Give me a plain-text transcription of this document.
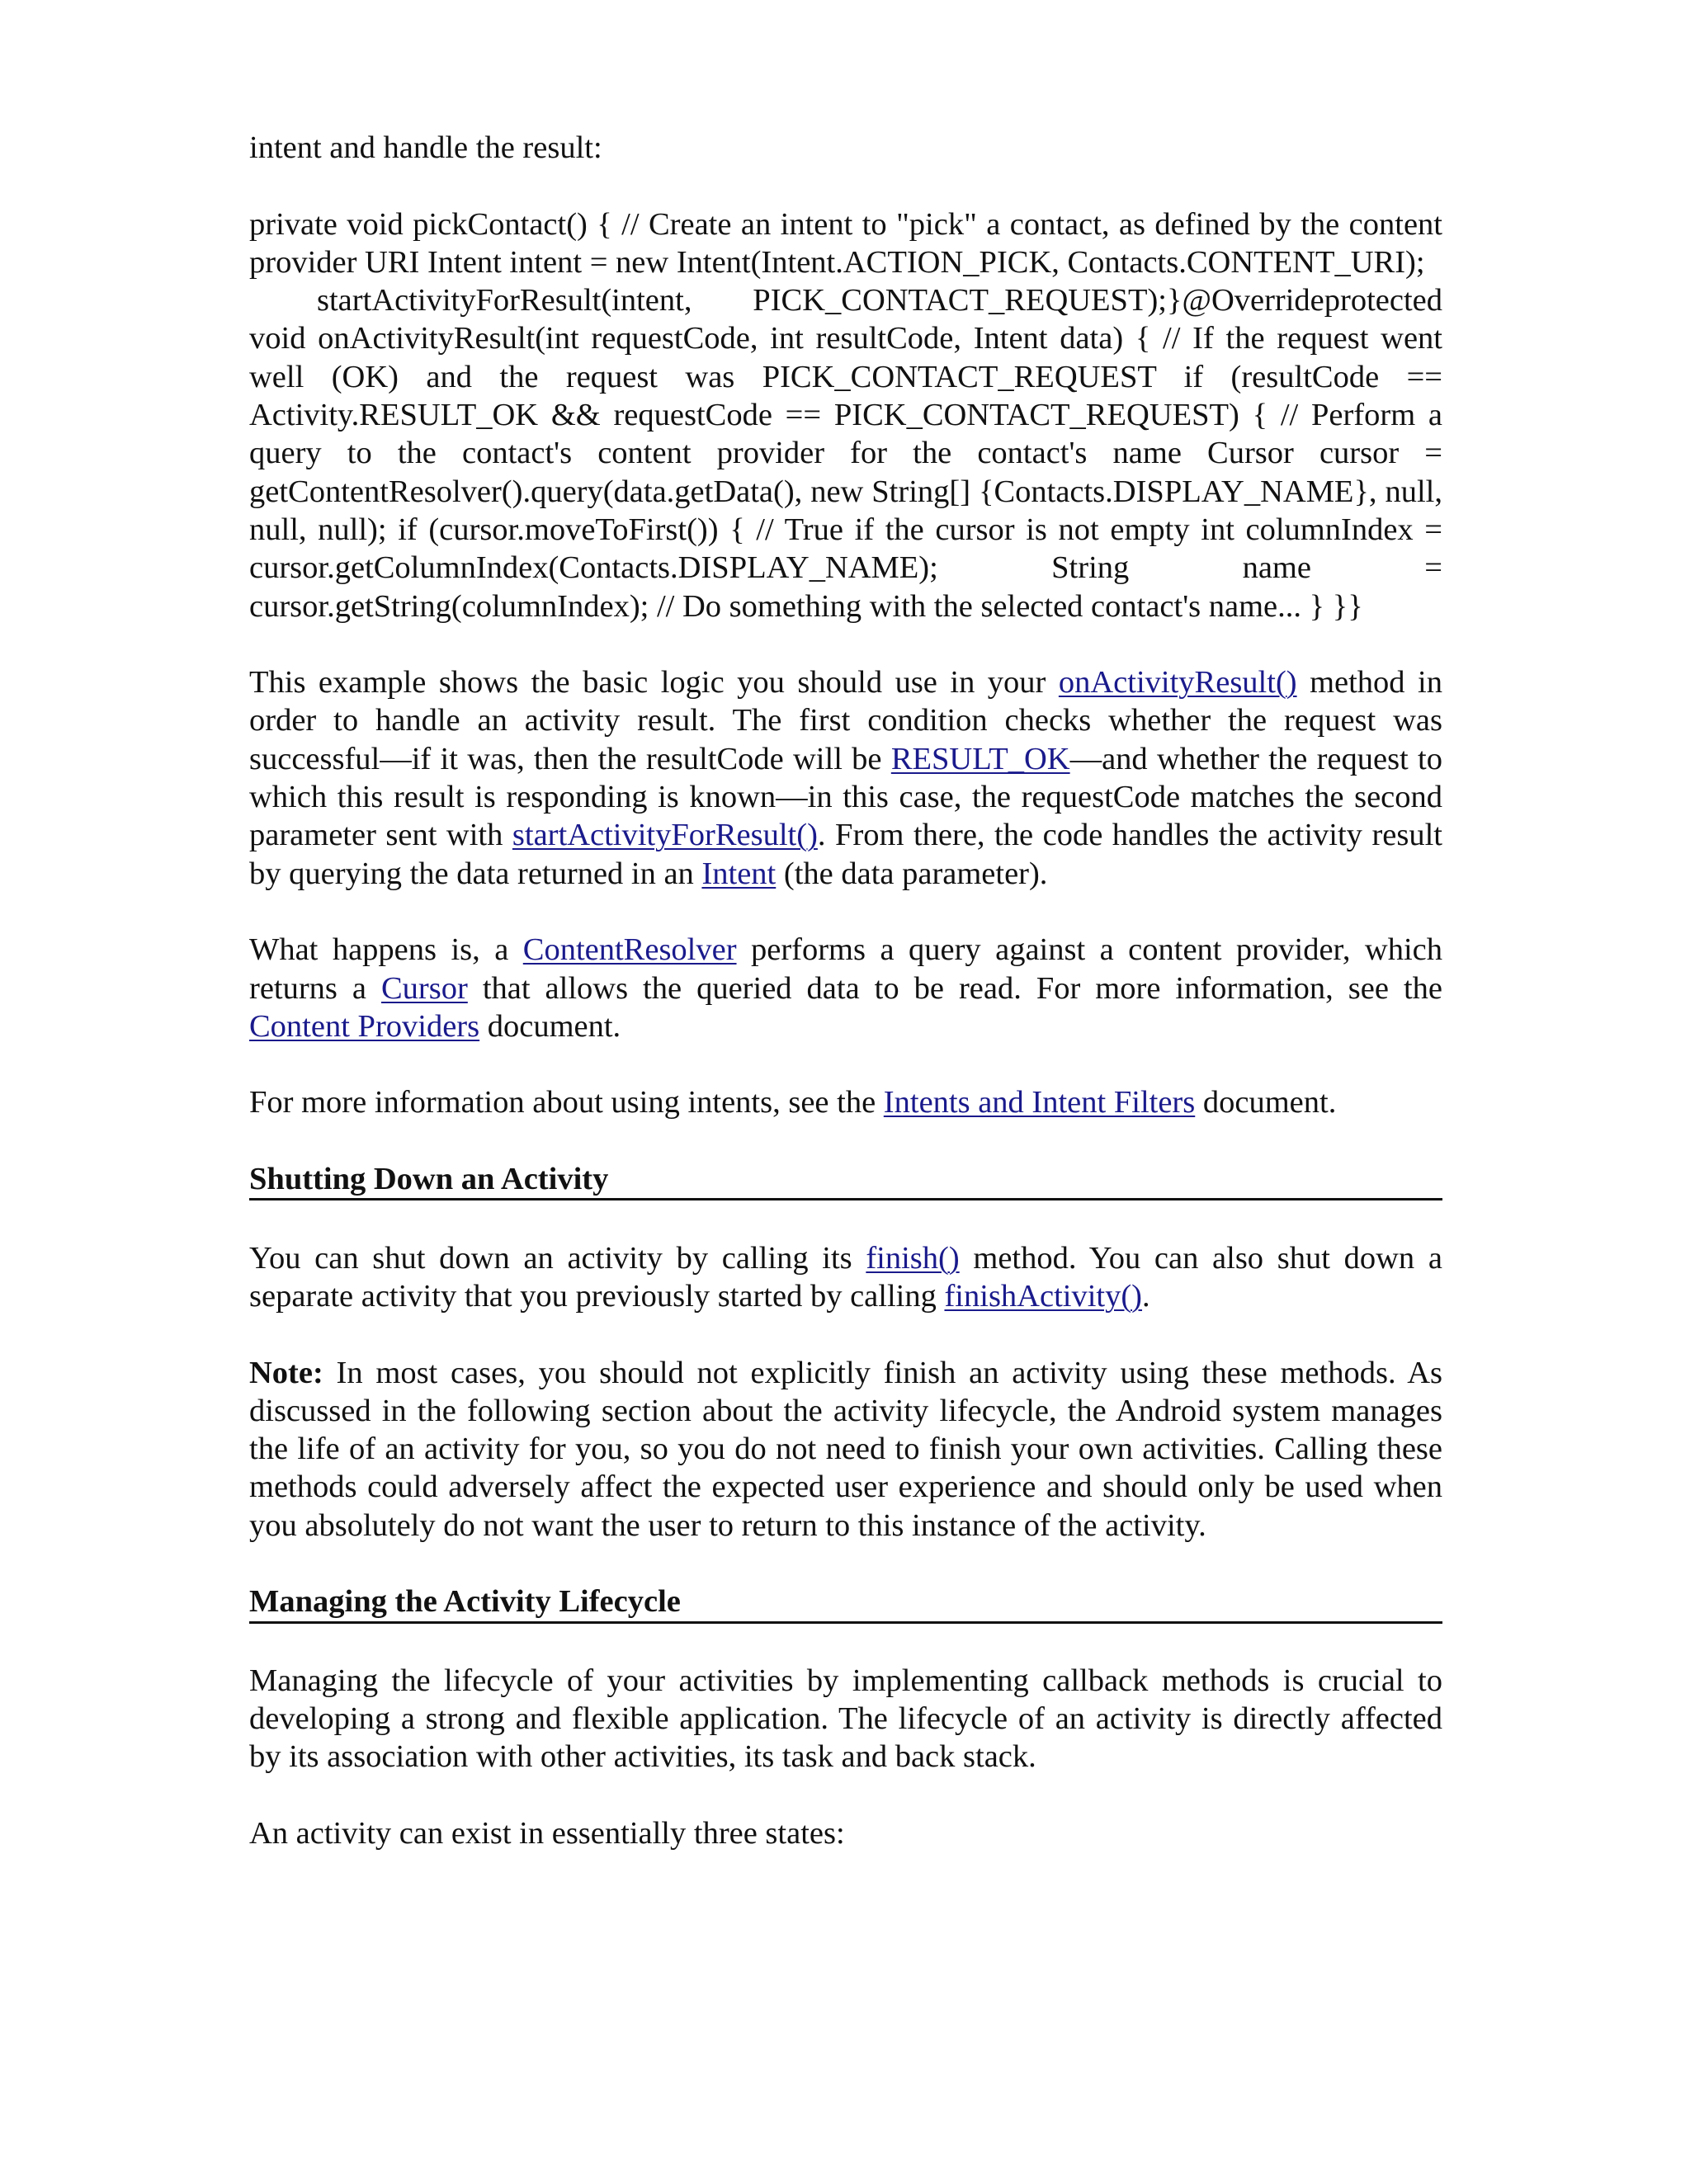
intent and handle the result:

private void pickContact() { // Create an intent to "pick" a contact, as defined by the content provider URI Intent intent = new Intent(Intent.ACTION_PICK, Contacts.CONTENT_URI);
startActivityForResult(intent, PICK_CONTACT_REQUEST);}@Overrideprotected void onActivityResult(int requestCode, int resultCode, Intent data) { // If the request went well (OK) and the request was PICK_CONTACT_REQUEST if (resultCode == Activity.RESULT_OK && requestCode == PICK_CONTACT_REQUEST) { // Perform a query to the contact's content provider for the contact's name Cursor cursor = getContentResolver().query(data.getData(), new String[] {Contacts.DISPLAY_NAME}, null, null, null); if (cursor.moveToFirst()) { // True if the cursor is not empty int columnIndex = cursor.getColumnIndex(Contacts.DISPLAY_NAME); String name = cursor.getString(columnIndex); // Do something with the selected contact's name... } }}

This example shows the basic logic you should use in your onActivityResult() method in order to handle an activity result. The first condition checks whether the request was successful—if it was, then the resultCode will be RESULT_OK—and whether the request to which this result is responding is known—in this case, the requestCode matches the second parameter sent with startActivityForResult(). From there, the code handles the activity result by querying the data returned in an Intent (the data parameter).

What happens is, a ContentResolver performs a query against a content provider, which returns a Cursor that allows the queried data to be read. For more information, see the Content Providers document.

For more information about using intents, see the Intents and Intent Filters document.

Shutting Down an Activity

You can shut down an activity by calling its finish() method. You can also shut down a separate activity that you previously started by calling finishActivity().

Note: In most cases, you should not explicitly finish an activity using these methods. As discussed in the following section about the activity lifecycle, the Android system manages the life of an activity for you, so you do not need to finish your own activities. Calling these methods could adversely affect the expected user experience and should only be used when you absolutely do not want the user to return to this instance of the activity.

Managing the Activity Lifecycle

Managing the lifecycle of your activities by implementing callback methods is crucial to developing a strong and flexible application. The lifecycle of an activity is directly affected by its association with other activities, its task and back stack.

An activity can exist in essentially three states:
